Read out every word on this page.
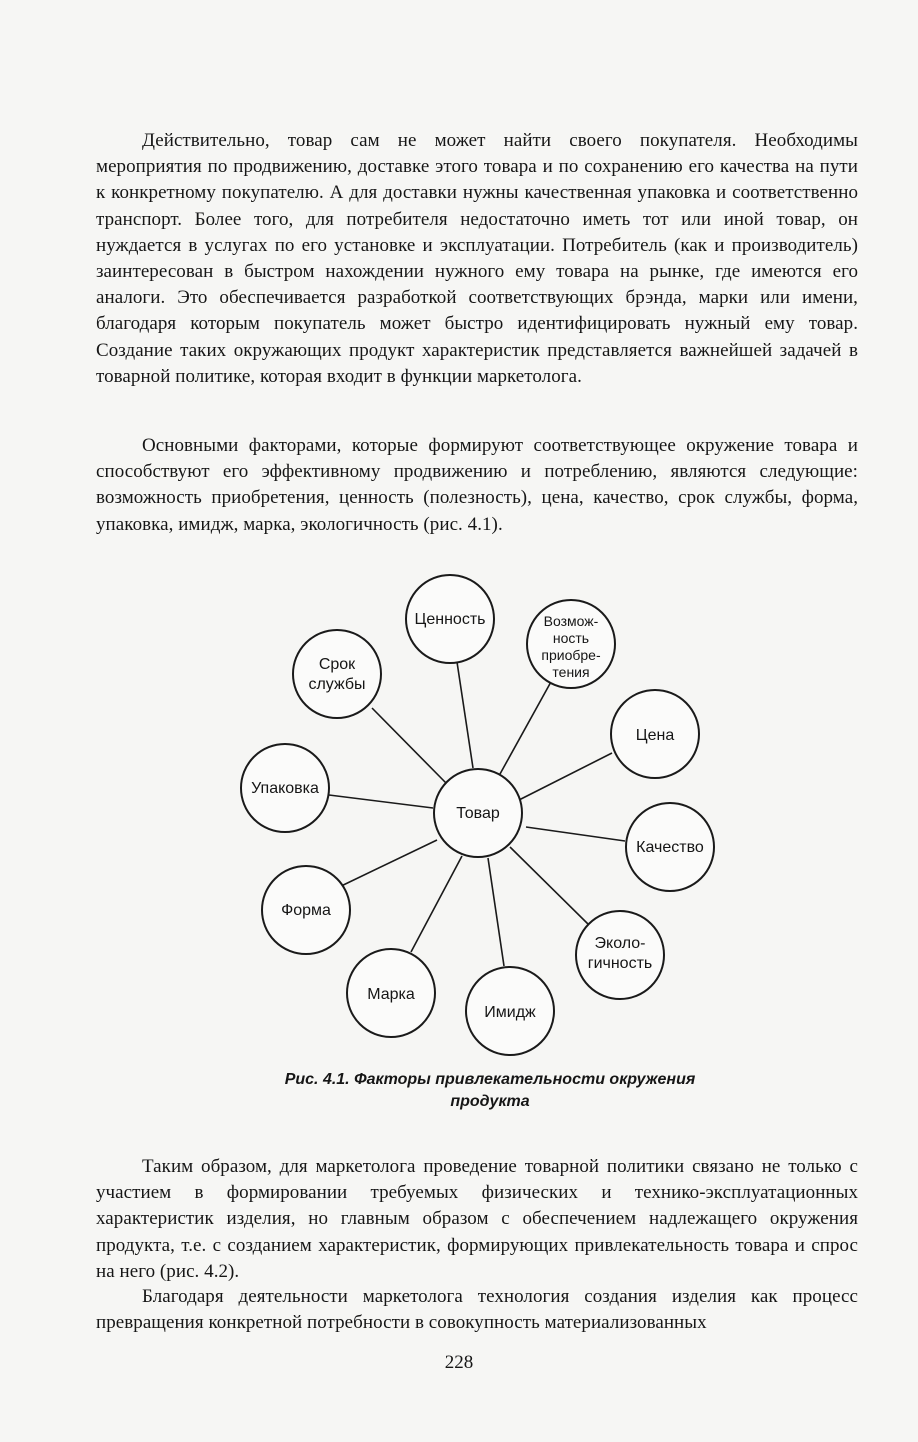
Действительно, товар сам не может найти своего покупателя. Необходимы мероприятия по продвижению, доставке этого товара и по сохранению его качества на пути к конкретному покупателю. А для доставки нужны качественная упаковка и соответственно транспорт. Более того, для потребителя недостаточно иметь тот или иной товар, он нуждается в услугах по его установке и эксплуатации. Потребитель (как и производитель) заинтересован в быстром нахождении нужного ему товара на рынке, где имеются его аналоги. Это обеспечивается разработкой соответствующих брэнда, марки или имени, благодаря которым покупатель может быстро идентифицировать нужный ему товар. Создание таких окружающих продукт характеристик представляется важнейшей задачей в товарной политике, которая входит в функции маркетолога.

Основными факторами, которые формируют соответствующее окружение товара и способствуют его эффективному продвижению и потреблению, являются следующие: возможность приобретения, ценность (полезность), цена, качество, срок службы, форма, упаковка, имидж, марка, экологичность (рис. 4.1).

Ценность	Возмож-
ность
приобре-
тения
Срок
службы
Цена
Упаковка
Качество
Форма
Эколо-
гичность
Марка
Имидж
Товар

Рис. 4.1. Факторы привлекательности окружения

продукта

Таким образом, для маркетолога проведение товарной политики связано не только с участием в формировании требуемых физических и технико-эксплуатационных характеристик изделия, но главным образом с обеспечением надлежащего окружения продукта, т.е. с созданием характеристик, формирующих привлекательность товара и спрос на него (рис. 4.2).

Благодаря деятельности маркетолога технология создания изделия как процесс превращения конкретной потребности в совокупность материализованных

228
